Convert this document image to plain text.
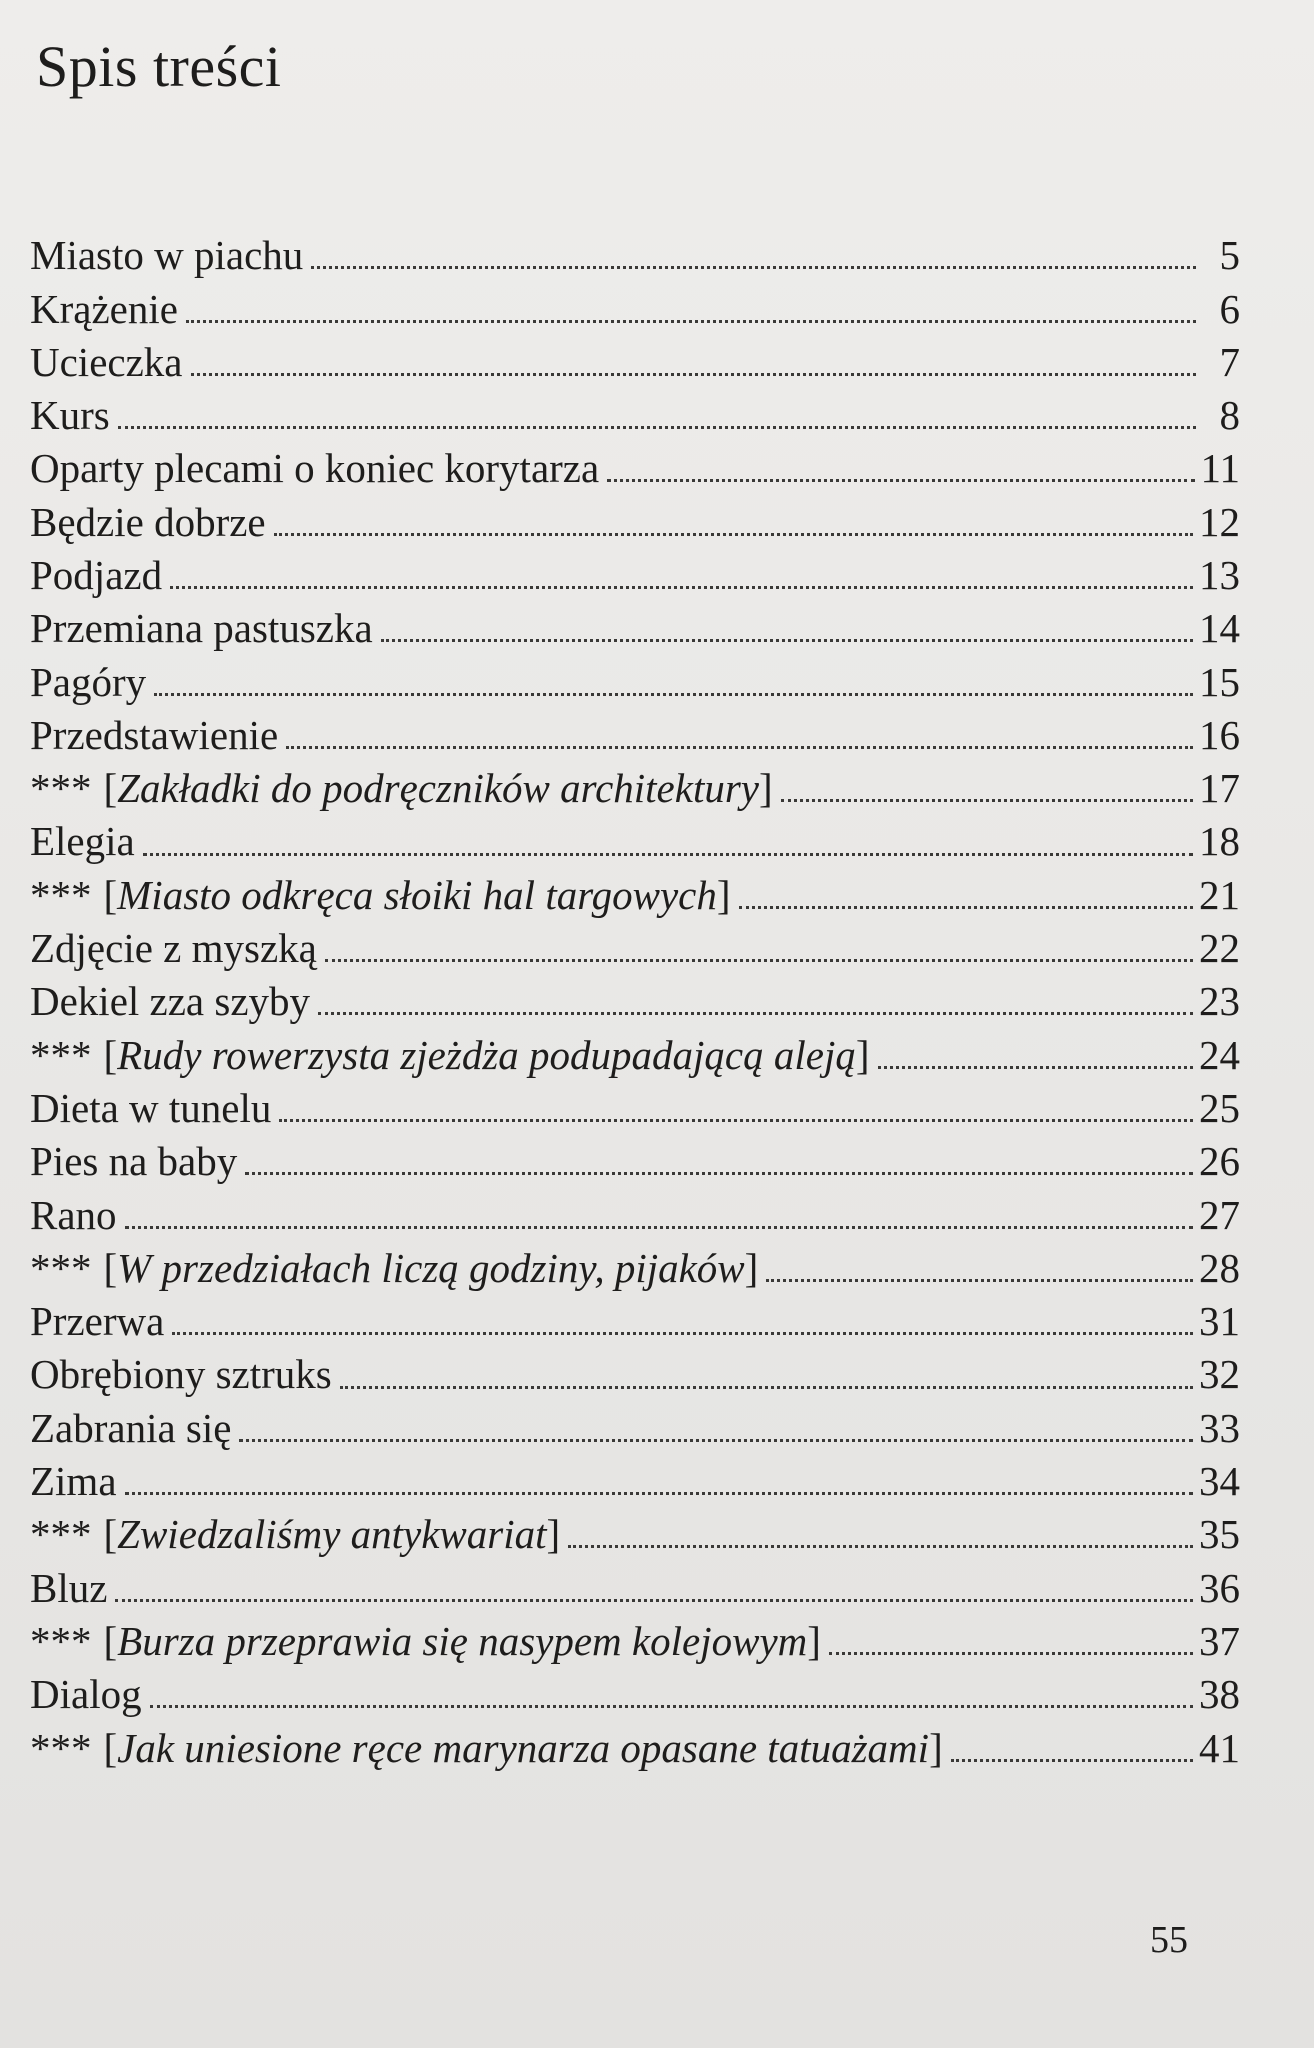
Spis treści
Miasto w piachu	5
Krążenie	6
Ucieczka	7
Kurs	8
Oparty plecami o koniec korytarza	11
Będzie dobrze	12
Podjazd	13
Przemiana pastuszka	14
Pagóry	15
Przedstawienie	16
*** [Zakładki do podręczników architektury]	17
Elegia	18
*** [Miasto odkręca słoiki hal targowych]	21
Zdjęcie z myszką	22
Dekiel zza szyby	23
*** [Rudy rowerzysta zjeżdża podupadającą aleją]	24
Dieta w tunelu	25
Pies na baby	26
Rano	27
*** [W przedziałach liczą godziny, pijaków]	28
Przerwa	31
Obrębiony sztruks	32
Zabrania się	33
Zima	34
*** [Zwiedzaliśmy antykwariat]	35
Bluz	36
*** [Burza przeprawia się nasypem kolejowym]	37
Dialog	38
*** [Jak uniesione ręce marynarza opasane tatuażami]	41
55
